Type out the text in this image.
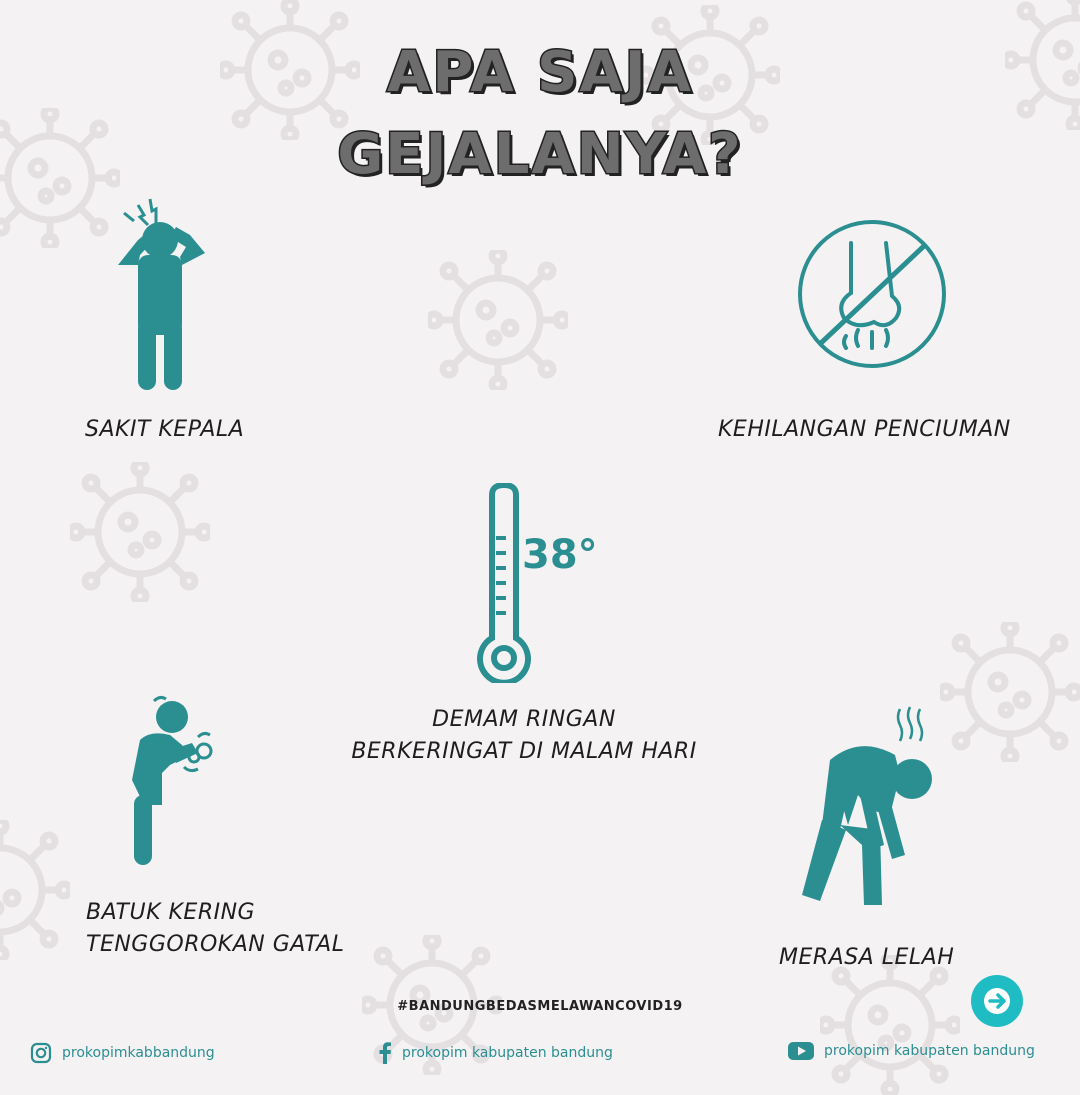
APA SAJA
GEJALANYA?
SAKIT KEPALA	KEHILANGAN PENCIUMAN
38°
DEMAM RINGAN
BERKERINGAT DI MALAM HARI
BATUK KERING
TENGGOROKAN GATAL
MERASA LELAH
#BANDUNGBEDASMELAWANCOVID19
prokopimkabbandung	prokopim kabupaten bandung	prokopim kabupaten bandung
